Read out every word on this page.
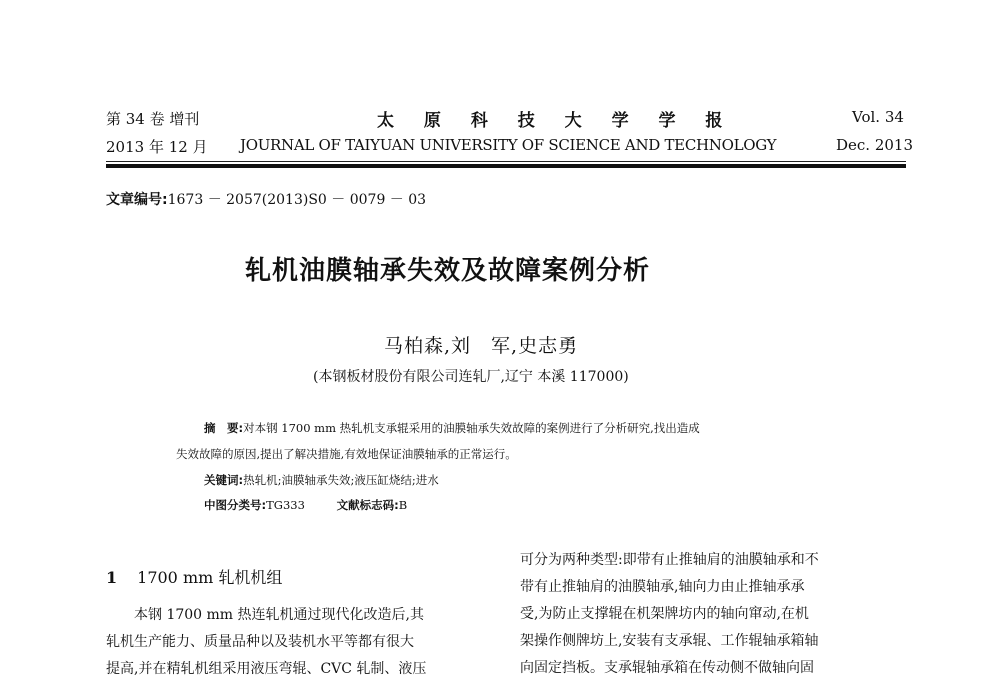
第 34 卷 增刊	太 原 科 技 大 学 学 报	Vol. 34
2013 年 12 月 JOURNAL OF TAIYUAN UNIVERSITY OF SCIENCE AND TECHNOLOGY	Dec. 2013
文章编号:1673 － 2057(2013)S0 － 0079 － 03
轧机油膜轴承失效及故障案例分析
马柏森,刘　军,史志勇
(本钢板材股份有限公司连轧厂,辽宁 本溪 117000)
摘　要:对本钢 1700 mm 热轧机支承辊采用的油膜轴承失效故障的案例进行了分析研究,找出造成
失效故障的原因,提出了解决措施,有效地保证油膜轴承的正常运行。
关键词:热轧机;油膜轴承失效;液压缸烧结;进水
中图分类号:TG333	文献标志码:B
1 1700 mm 轧机机组
本钢 1700 mm 热连轧机通过现代化改造后,其
轧机生产能力、质量品种以及装机水平等都有很大
提高,并在精轧机组采用液压弯辊、CVC 轧制、液压
可分为两种类型:即带有止推轴肩的油膜轴承和不
带有止推轴肩的油膜轴承,轴向力由止推轴承承
受,为防止支撑辊在机架牌坊内的轴向窜动,在机
架操作侧牌坊上,安装有支承辊、工作辊轴承箱轴
向固定挡板。支承辊轴承箱在传动侧不做轴向固
